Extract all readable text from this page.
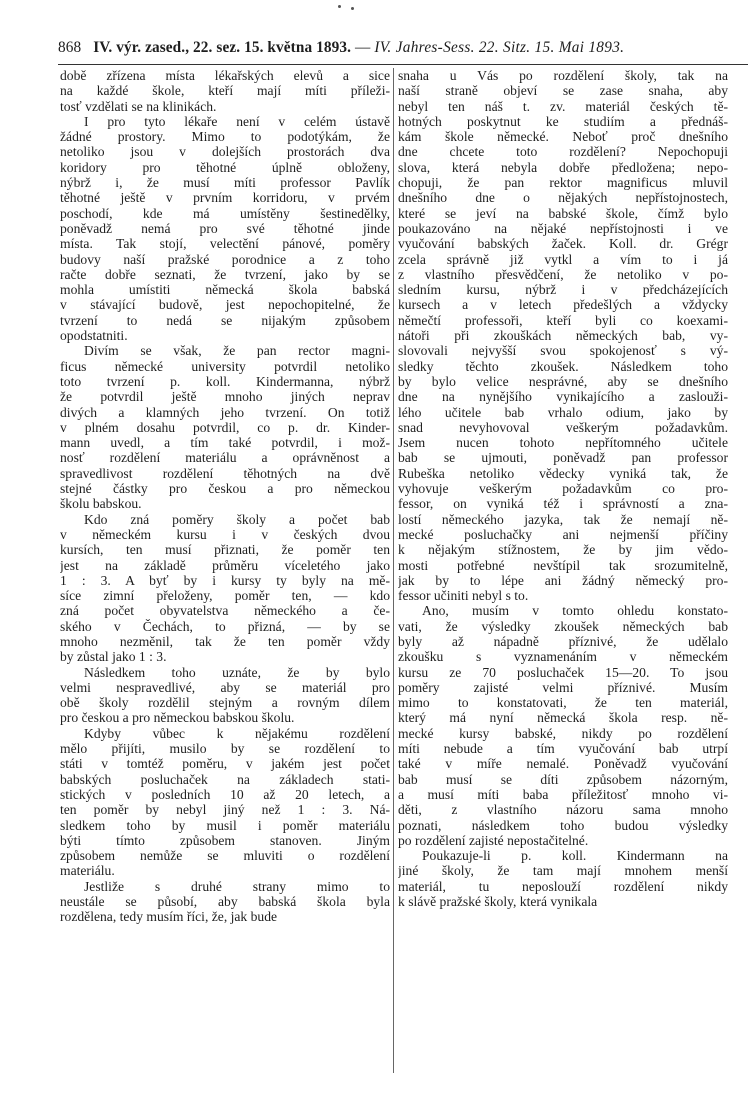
868 IV. výr. zased., 22. sez. 15. května 1893. — IV. Jahres-Sess. 22. Sitz. 15. Mai 1893.
době zřízena místa lékařských elevů a sice
na každé škole, kteří mají míti příleži-
tosť vzdělati se na klinikách.
I pro tyto lékaře není v celém ústavě
žádné prostory. Mimo to podotýkám, že
netoliko jsou v dolejších prostorách dva
koridory pro těhotné úplně obloženy,
nýbrž i, že musí míti professor Pavlík
těhotné ještě v prvním korridoru, v prvém
poschodí, kde má umístěny šestinedělky,
poněvadž nemá pro své těhotné jinde
místa. Tak stojí, velectění pánové, poměry
budovy naší pražské porodnice a z toho
račte dobře seznati, že tvrzení, jako by se
mohla umístiti německá škola babská
v stávající budově, jest nepochopitelné, že
tvrzení to nedá se nijakým způsobem
opodstatniti.
Divím se však, že pan rector magni-
ficus německé university potvrdil netoliko
toto tvrzení p. koll. Kindermanna, nýbrž
že potvrdil ještě mnoho jiných neprav
divých a klamných jeho tvrzení. On totiž
v plném dosahu potvrdil, co p. dr. Kinder-
mann uvedl, a tím také potvrdil, i mož-
nosť rozdělení materiálu a oprávněnost a
spravedlivost rozdělení těhotných na dvě
stejné částky pro českou a pro německou
školu babskou.
Kdo zná poměry školy a počet bab
v německém kursu i v českých dvou
kursích, ten musí přiznati, že poměr ten
jest na základě průměru víceletého jako
1 : 3. A byť by i kursy ty byly na mě-
síce zimní přeloženy, poměr ten, — kdo
zná počet obyvatelstva německého a če-
ského v Čechách, to přizná, — by se
mnoho nezměnil, tak že ten poměr vždy
by zůstal jako 1 : 3.
Následkem toho uznáte, že by bylo
velmi nespravedlivé, aby se materiál pro
obě školy rozdělil stejným a rovným dílem
pro českou a pro německou babskou školu.
Kdyby vůbec k nějakému rozdělení
mělo přijíti, musilo by se rozdělení to
státi v tomtéž poměru, v jakém jest počet
babských posluchaček na základech stati-
stických v posledních 10 až 20 letech, a
ten poměr by nebyl jiný než 1 : 3. Ná-
sledkem toho by musil i poměr materiálu
býti tímto způsobem stanoven. Jiným
způsobem nemůže se mluviti o rozdělení
materiálu.
Jestliže s druhé strany mimo to
neustále se působí, aby babská škola byla
rozdělena, tedy musím říci, že, jak bude
snaha u Vás po rozdělení školy, tak na
naší straně objeví se zase snaha, aby
nebyl ten náš t. zv. materiál českých tě-
hotných poskytnut ke studiím a přednáš-
kám škole německé. Neboť proč dnešního
dne chcete toto rozdělení? Nepochopuji
slova, která nebyla dobře předložena; nepo-
chopuji, že pan rektor magnificus mluvil
dnešního dne o nějakých nepřístojnostech,
které se jeví na babské škole, čímž bylo
poukazováno na nějaké nepřístojnosti i ve
vyučování babských žaček. Koll. dr. Grégr
zcela správně již vytkl a vím to i já
z vlastního přesvědčení, že netoliko v po-
sledním kursu, nýbrž i v předcházejících
kursech a v letech předešlých a vždycky
němečtí professoři, kteří byli co koexami-
nátoři při zkouškách německých bab, vy-
slovovali nejvyšší svou spokojenosť s vý-
sledky těchto zkoušek. Následkem toho
by bylo velice nesprávné, aby se dnešního
dne na nynějšího vynikajícího a zaslouži-
lého učitele bab vrhalo odium, jako by
snad nevyhovoval veškerým požadavkům.
Jsem nucen tohoto nepřítomného učitele
bab se ujmouti, poněvadž pan professor
Rubeška netoliko vědecky vyniká tak, že
vyhovuje veškerým požadavkům co pro-
fessor, on vyniká též i správností a zna-
lostí německého jazyka, tak že nemají ně-
mecké posluchačky ani nejmenší příčiny
k nějakým stížnostem, že by jim vědo-
mosti potřebné nevštípil tak srozumitelně,
jak by to lépe ani žádný německý pro-
fessor učiniti nebyl s to.
Ano, musím v tomto ohledu konstato-
vati, že výsledky zkoušek německých bab
byly až nápadně příznivé, že udělalo
zkoušku s vyznamenáním v německém
kursu ze 70 posluchaček 15—20. To jsou
poměry zajisté velmi příznivé. Musím
mimo to konstatovati, že ten materiál,
který má nyní německá škola resp. ně-
mecké kursy babské, nikdy po rozdělení
míti nebude a tím vyučování bab utrpí
také v míře nemalé. Poněvadž vyučování
bab musí se díti způsobem názorným,
a musí míti baba příležitosť mnoho vi-
děti, z vlastního názoru sama mnoho
poznati, následkem toho budou výsledky
po rozdělení zajisté nepostačitelné.
Poukazuje-li p. koll. Kindermann na
jiné školy, že tam mají mnohem menší
materiál, tu neposlouží rozdělení nikdy
k slávě pražské školy, která vynikala
